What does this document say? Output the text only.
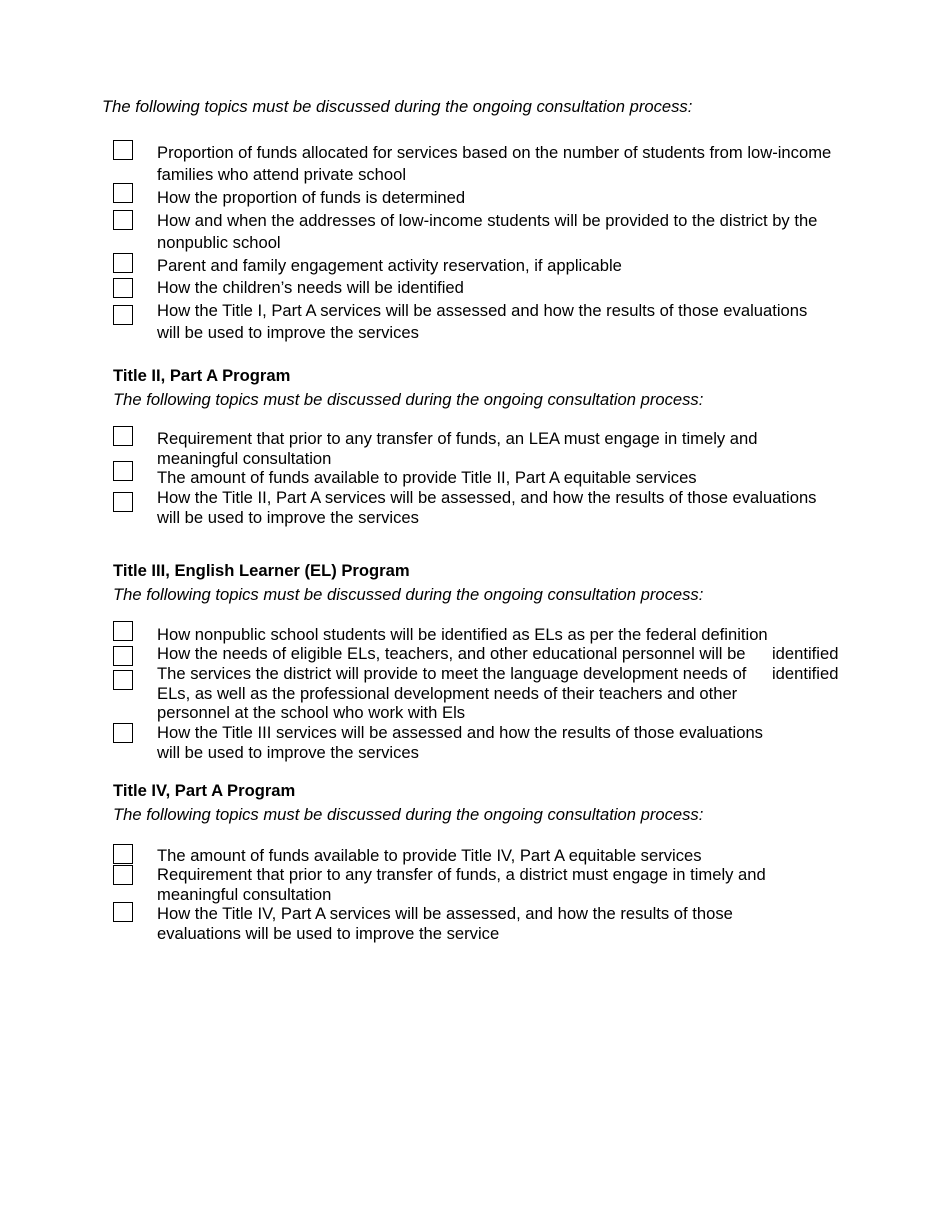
The following topics must be discussed during the ongoing consultation process:
Proportion of funds allocated for services based on the number of students from low-income
families who attend private school
How the proportion of funds is determined
How and when the addresses of low-income students will be provided to the district by the
nonpublic school
Parent and family engagement activity reservation, if applicable
How the children’s needs will be identified
How the Title I, Part A services will be assessed and how the results of those evaluations
will be used to improve the services
Title II, Part A Program
The following topics must be discussed during the ongoing consultation process:
Requirement that prior to any transfer of funds, an LEA must engage in timely and
meaningful consultation
The amount of funds available to provide Title II, Part A equitable services
How the Title II, Part A services will be assessed, and how the results of those evaluations
will be used to improve the services
Title III, English Learner (EL) Program
The following topics must be discussed during the ongoing consultation process:
How nonpublic school students will be identified as ELs as per the federal definition
How the needs of eligible ELs, teachers, and other educational personnel will be identified
The services the district will provide to meet the language development needs of identified
ELs, as well as the professional development needs of their teachers and other
personnel at the school who work with Els
How the Title III services will be assessed and how the results of those evaluations
will be used to improve the services
Title IV, Part A Program
The following topics must be discussed during the ongoing consultation process:
The amount of funds available to provide Title IV, Part A equitable services
Requirement that prior to any transfer of funds, a district must engage in timely and
meaningful consultation
How the Title IV, Part A services will be assessed, and how the results of those
evaluations will be used to improve the service
